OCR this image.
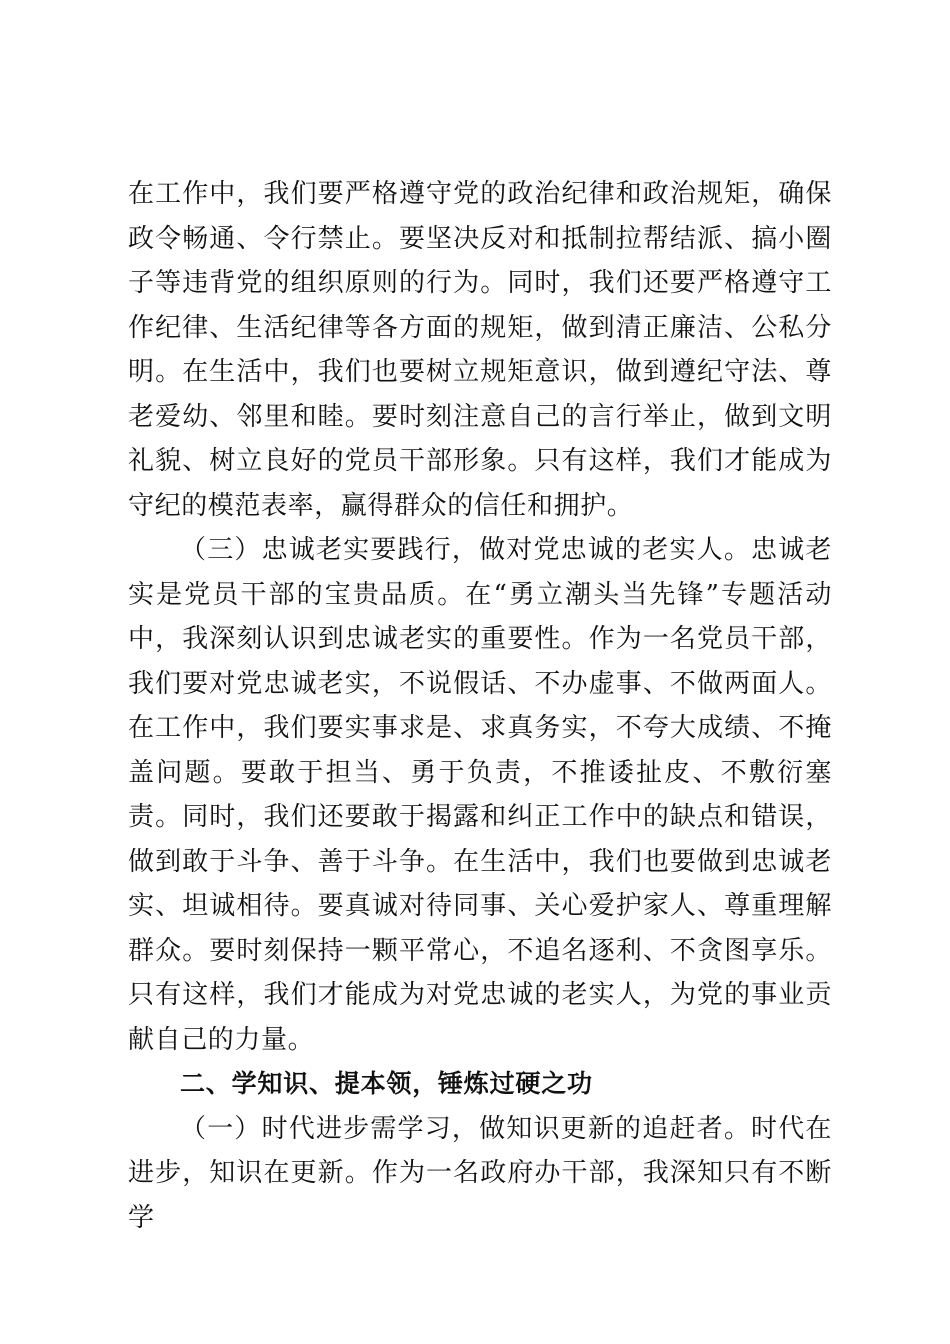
在工作中，我们要严格遵守党的政治纪律和政治规矩，确保政令畅通、令行禁止。要坚决反对和抵制拉帮结派、搞小圈子等违背党的组织原则的行为。同时，我们还要严格遵守工作纪律、生活纪律等各方面的规矩，做到清正廉洁、公私分明。在生活中，我们也要树立规矩意识，做到遵纪守法、尊老爱幼、邻里和睦。要时刻注意自己的言行举止，做到文明礼貌、树立良好的党员干部形象。只有这样，我们才能成为守纪的模范表率，赢得群众的信任和拥护。

（三）忠诚老实要践行，做对党忠诚的老实人。忠诚老实是党员干部的宝贵品质。在“勇立潮头当先锋”专题活动中，我深刻认识到忠诚老实的重要性。作为一名党员干部，我们要对党忠诚老实，不说假话、不办虚事、不做两面人。在工作中，我们要实事求是、求真务实，不夸大成绩、不掩盖问题。要敢于担当、勇于负责，不推诿扯皮、不敷衍塞责。同时，我们还要敢于揭露和纠正工作中的缺点和错误，做到敢于斗争、善于斗争。在生活中，我们也要做到忠诚老实、坦诚相待。要真诚对待同事、关心爱护家人、尊重理解群众。要时刻保持一颗平常心，不追名逐利、不贪图享乐。只有这样，我们才能成为对党忠诚的老实人，为党的事业贡献自己的力量。

二、学知识、提本领，锤炼过硬之功

（一）时代进步需学习，做知识更新的追赶者。时代在进步，知识在更新。作为一名政府办干部，我深知只有不断学
